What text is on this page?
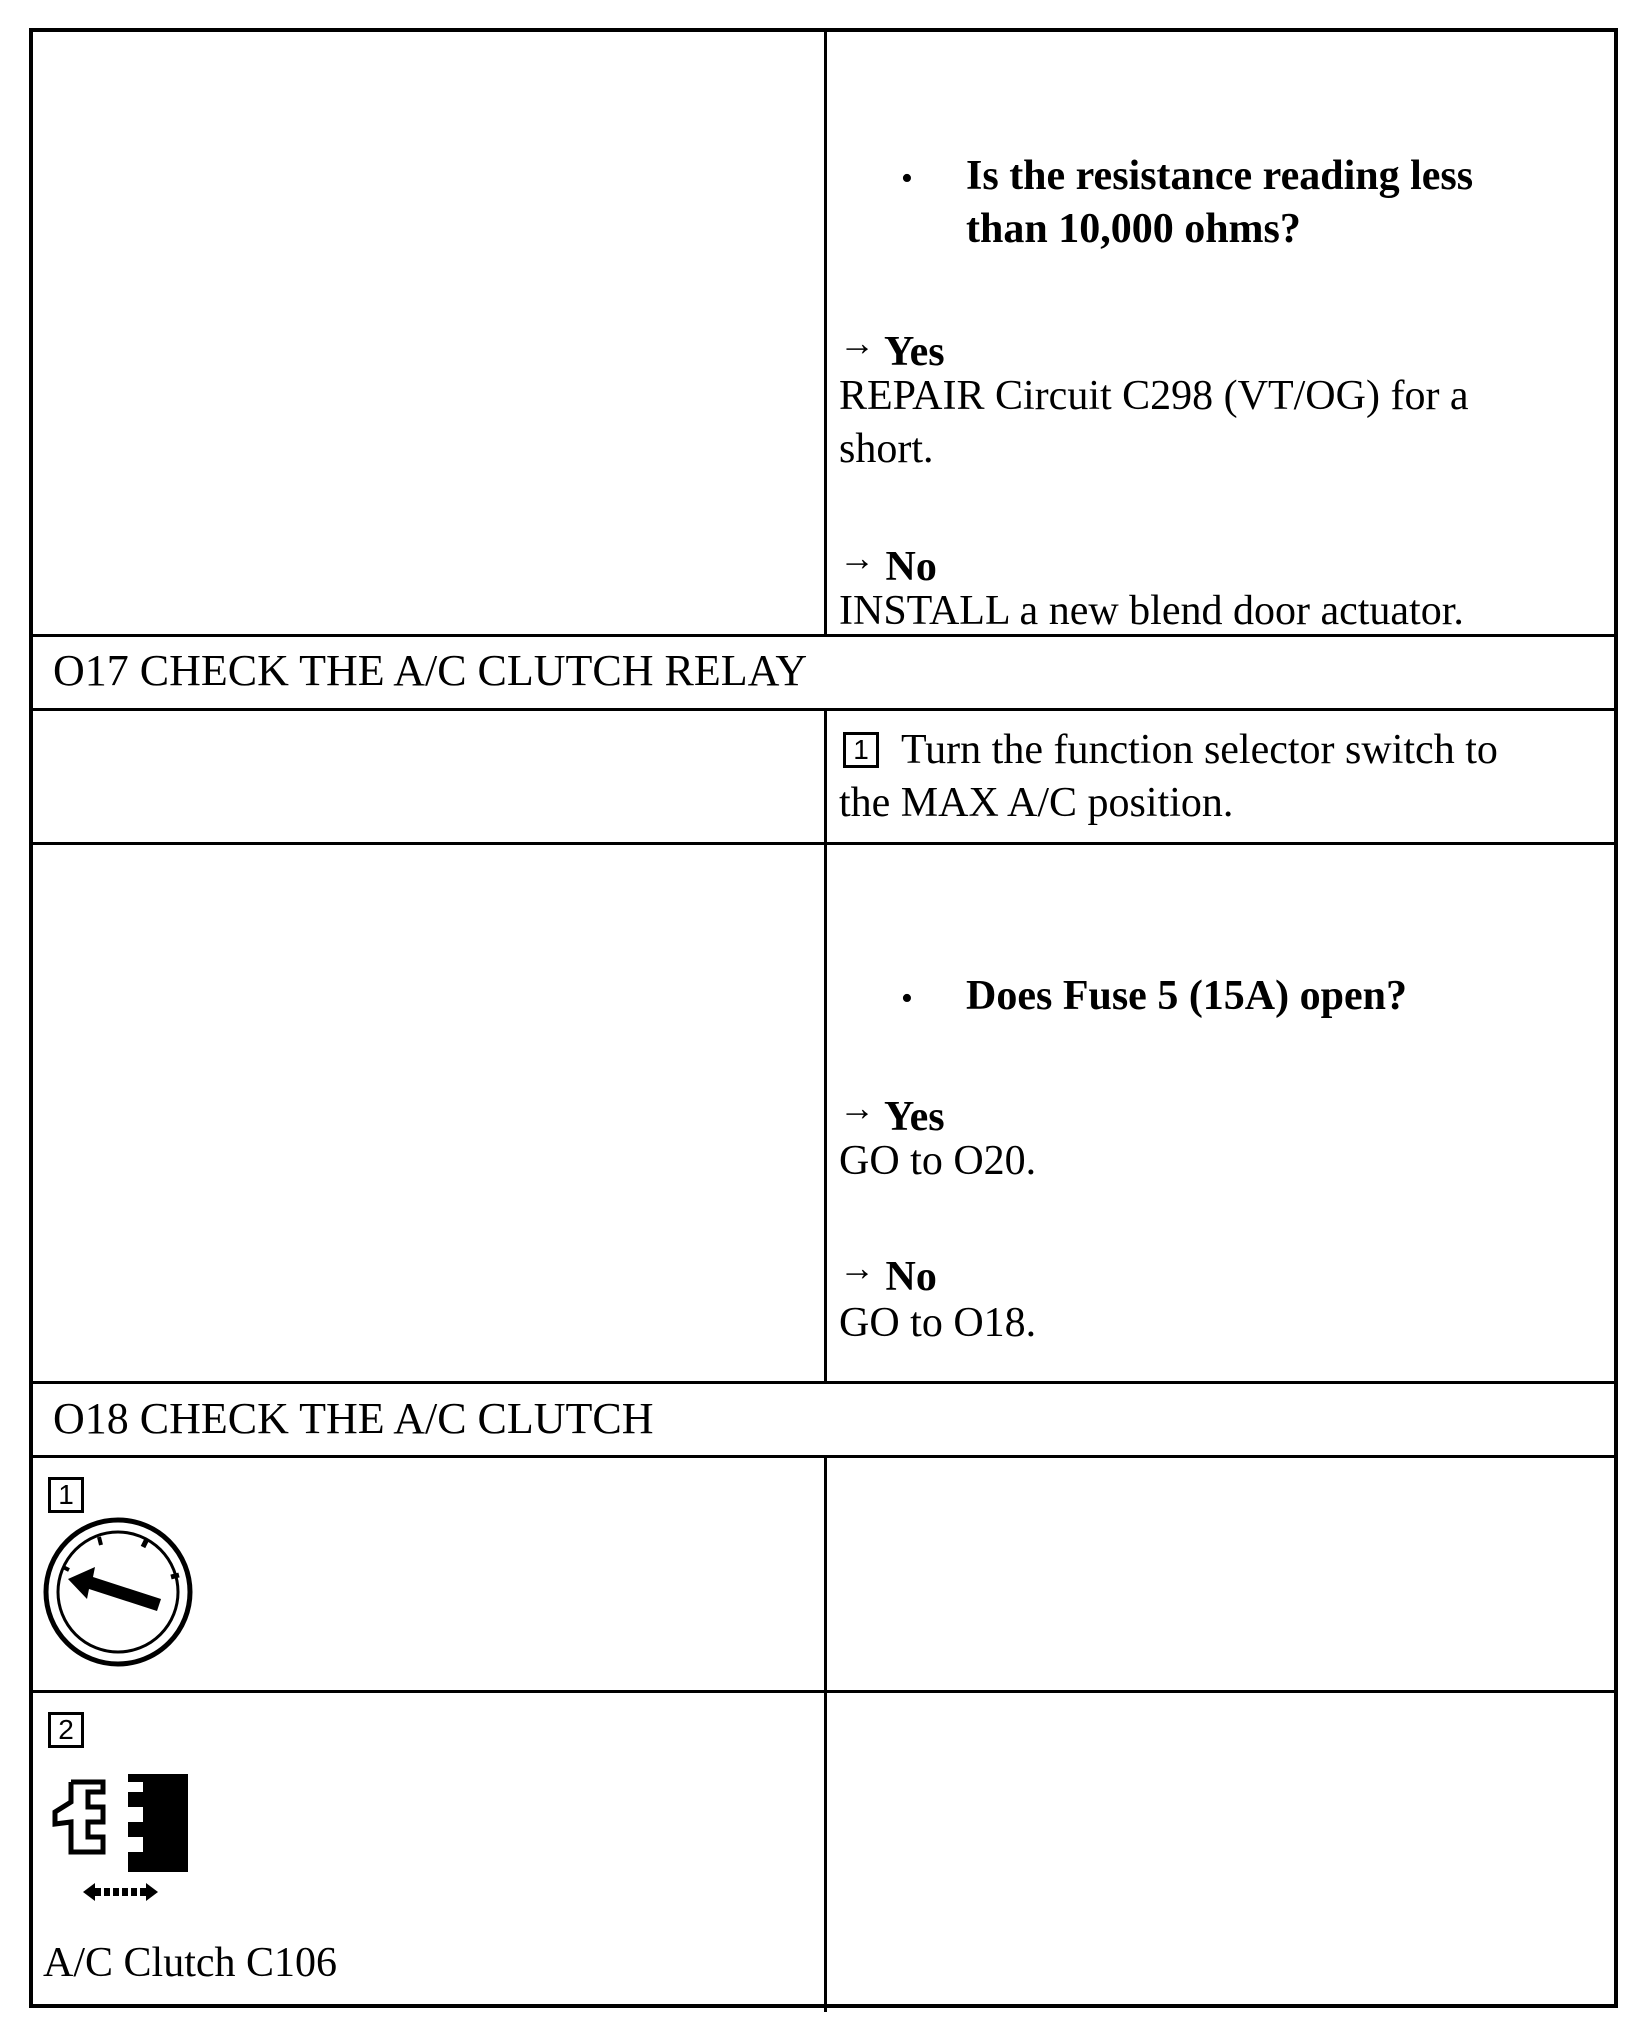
• Is the resistance reading less
than 10,000 ohms?
→ Yes
REPAIR Circuit C298 (VT/OG) for a
short.
→ No
INSTALL a new blend door actuator.
O17 CHECK THE A/C CLUTCH RELAY
1 Turn the function selector switch to
the MAX A/C position.
• Does Fuse 5 (15A) open?
→ Yes
GO to O20.
→ No
GO to O18.
O18 CHECK THE A/C CLUTCH
1
2
A/C Clutch C106
